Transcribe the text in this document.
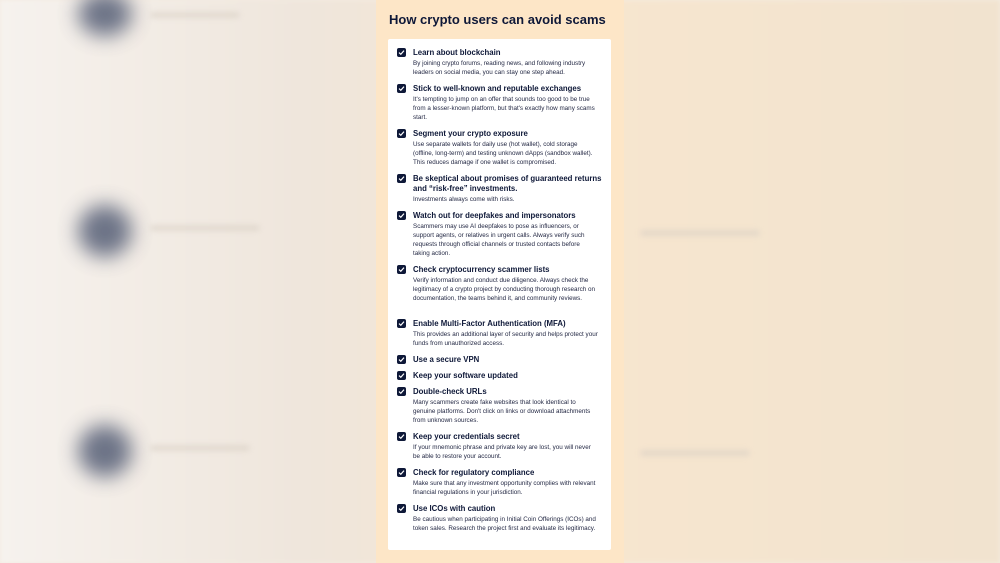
How crypto users can avoid scams
Learn about blockchain
By joining crypto forums, reading news, and following industry leaders on social media, you can stay one step ahead.
Stick to well-known and reputable exchanges
It's tempting to jump on an offer that sounds too good to be true from a lesser-known platform, but that's exactly how many scams start.
Segment your crypto exposure
Use separate wallets for daily use (hot wallet), cold storage (offline, long-term) and testing unknown dApps (sandbox wallet). This reduces damage if one wallet is compromised.
Be skeptical about promises of guaranteed returns and “risk-free” investments.
Investments always come with risks.
Watch out for deepfakes and impersonators
Scammers may use AI deepfakes to pose as influencers, or support agents, or relatives in urgent calls. Always verify such requests through official channels or trusted contacts before taking action.
Check cryptocurrency scammer lists
Verify information and conduct due diligence. Always check the legitimacy of a crypto project by conducting thorough research on documentation, the teams behind it, and community reviews.
Enable Multi-Factor Authentication (MFA)
This provides an additional layer of security and helps protect your funds from unauthorized access.
Use a secure VPN
Keep your software updated
Double-check URLs
Many scammers create fake websites that look identical to genuine platforms. Don't click on links or download attachments from unknown sources.
Keep your credentials secret
If your mnemonic phrase and private key are lost, you will never be able to restore your account.
Check for regulatory compliance
Make sure that any investment opportunity complies with relevant financial regulations in your jurisdiction.
Use ICOs with caution
Be cautious when participating in Initial Coin Offerings (ICOs) and token sales. Research the project first and evaluate its legitimacy.
